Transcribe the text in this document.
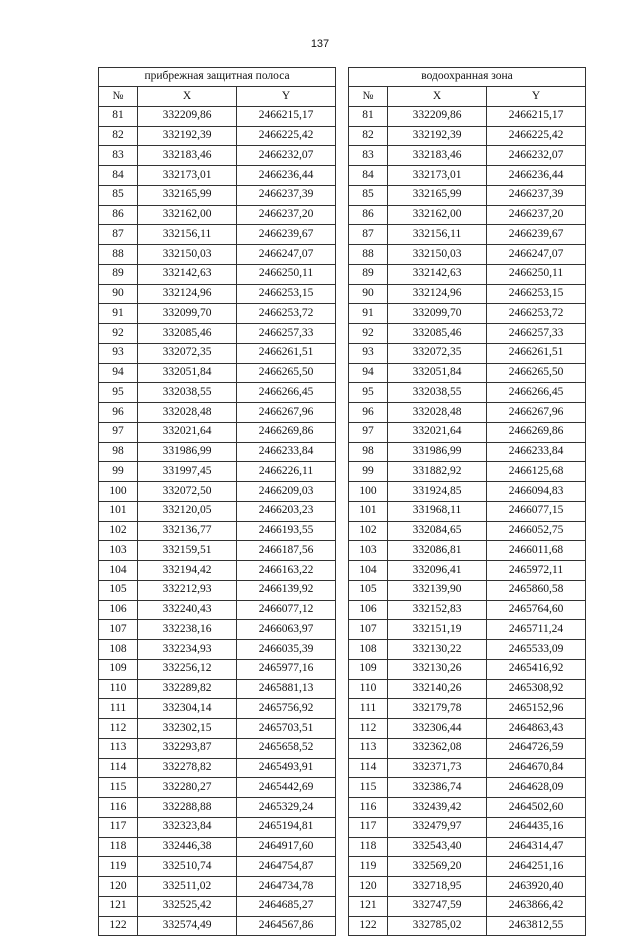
137
прибрежная защитная полоса		
№	X	Y
81	332209,86	2466215,17
82	332192,39	2466225,42
83	332183,46	2466232,07
84	332173,01	2466236,44
85	332165,99	2466237,39
86	332162,00	2466237,20
87	332156,11	2466239,67
88	332150,03	2466247,07
89	332142,63	2466250,11
90	332124,96	2466253,15
91	332099,70	2466253,72
92	332085,46	2466257,33
93	332072,35	2466261,51
94	332051,84	2466265,50
95	332038,55	2466266,45
96	332028,48	2466267,96
97	332021,64	2466269,86
98	331986,99	2466233,84
99	331997,45	2466226,11
100	332072,50	2466209,03
101	332120,05	2466203,23
102	332136,77	2466193,55
103	332159,51	2466187,56
104	332194,42	2466163,22
105	332212,93	2466139,92
106	332240,43	2466077,12
107	332238,16	2466063,97
108	332234,93	2466035,39
109	332256,12	2465977,16
110	332289,82	2465881,13
111	332304,14	2465756,92
112	332302,15	2465703,51
113	332293,87	2465658,52
114	332278,82	2465493,91
115	332280,27	2465442,69
116	332288,88	2465329,24
117	332323,84	2465194,81
118	332446,38	2464917,60
119	332510,74	2464754,87
120	332511,02	2464734,78
121	332525,42	2464685,27
122	332574,49	2464567,86
водоохранная зона		
№	X	Y
81	332209,86	2466215,17
82	332192,39	2466225,42
83	332183,46	2466232,07
84	332173,01	2466236,44
85	332165,99	2466237,39
86	332162,00	2466237,20
87	332156,11	2466239,67
88	332150,03	2466247,07
89	332142,63	2466250,11
90	332124,96	2466253,15
91	332099,70	2466253,72
92	332085,46	2466257,33
93	332072,35	2466261,51
94	332051,84	2466265,50
95	332038,55	2466266,45
96	332028,48	2466267,96
97	332021,64	2466269,86
98	331986,99	2466233,84
99	331882,92	2466125,68
100	331924,85	2466094,83
101	331968,11	2466077,15
102	332084,65	2466052,75
103	332086,81	2466011,68
104	332096,41	2465972,11
105	332139,90	2465860,58
106	332152,83	2465764,60
107	332151,19	2465711,24
108	332130,22	2465533,09
109	332130,26	2465416,92
110	332140,26	2465308,92
111	332179,78	2465152,96
112	332306,44	2464863,43
113	332362,08	2464726,59
114	332371,73	2464670,84
115	332386,74	2464628,09
116	332439,42	2464502,60
117	332479,97	2464435,16
118	332543,40	2464314,47
119	332569,20	2464251,16
120	332718,95	2463920,40
121	332747,59	2463866,42
122	332785,02	2463812,55
